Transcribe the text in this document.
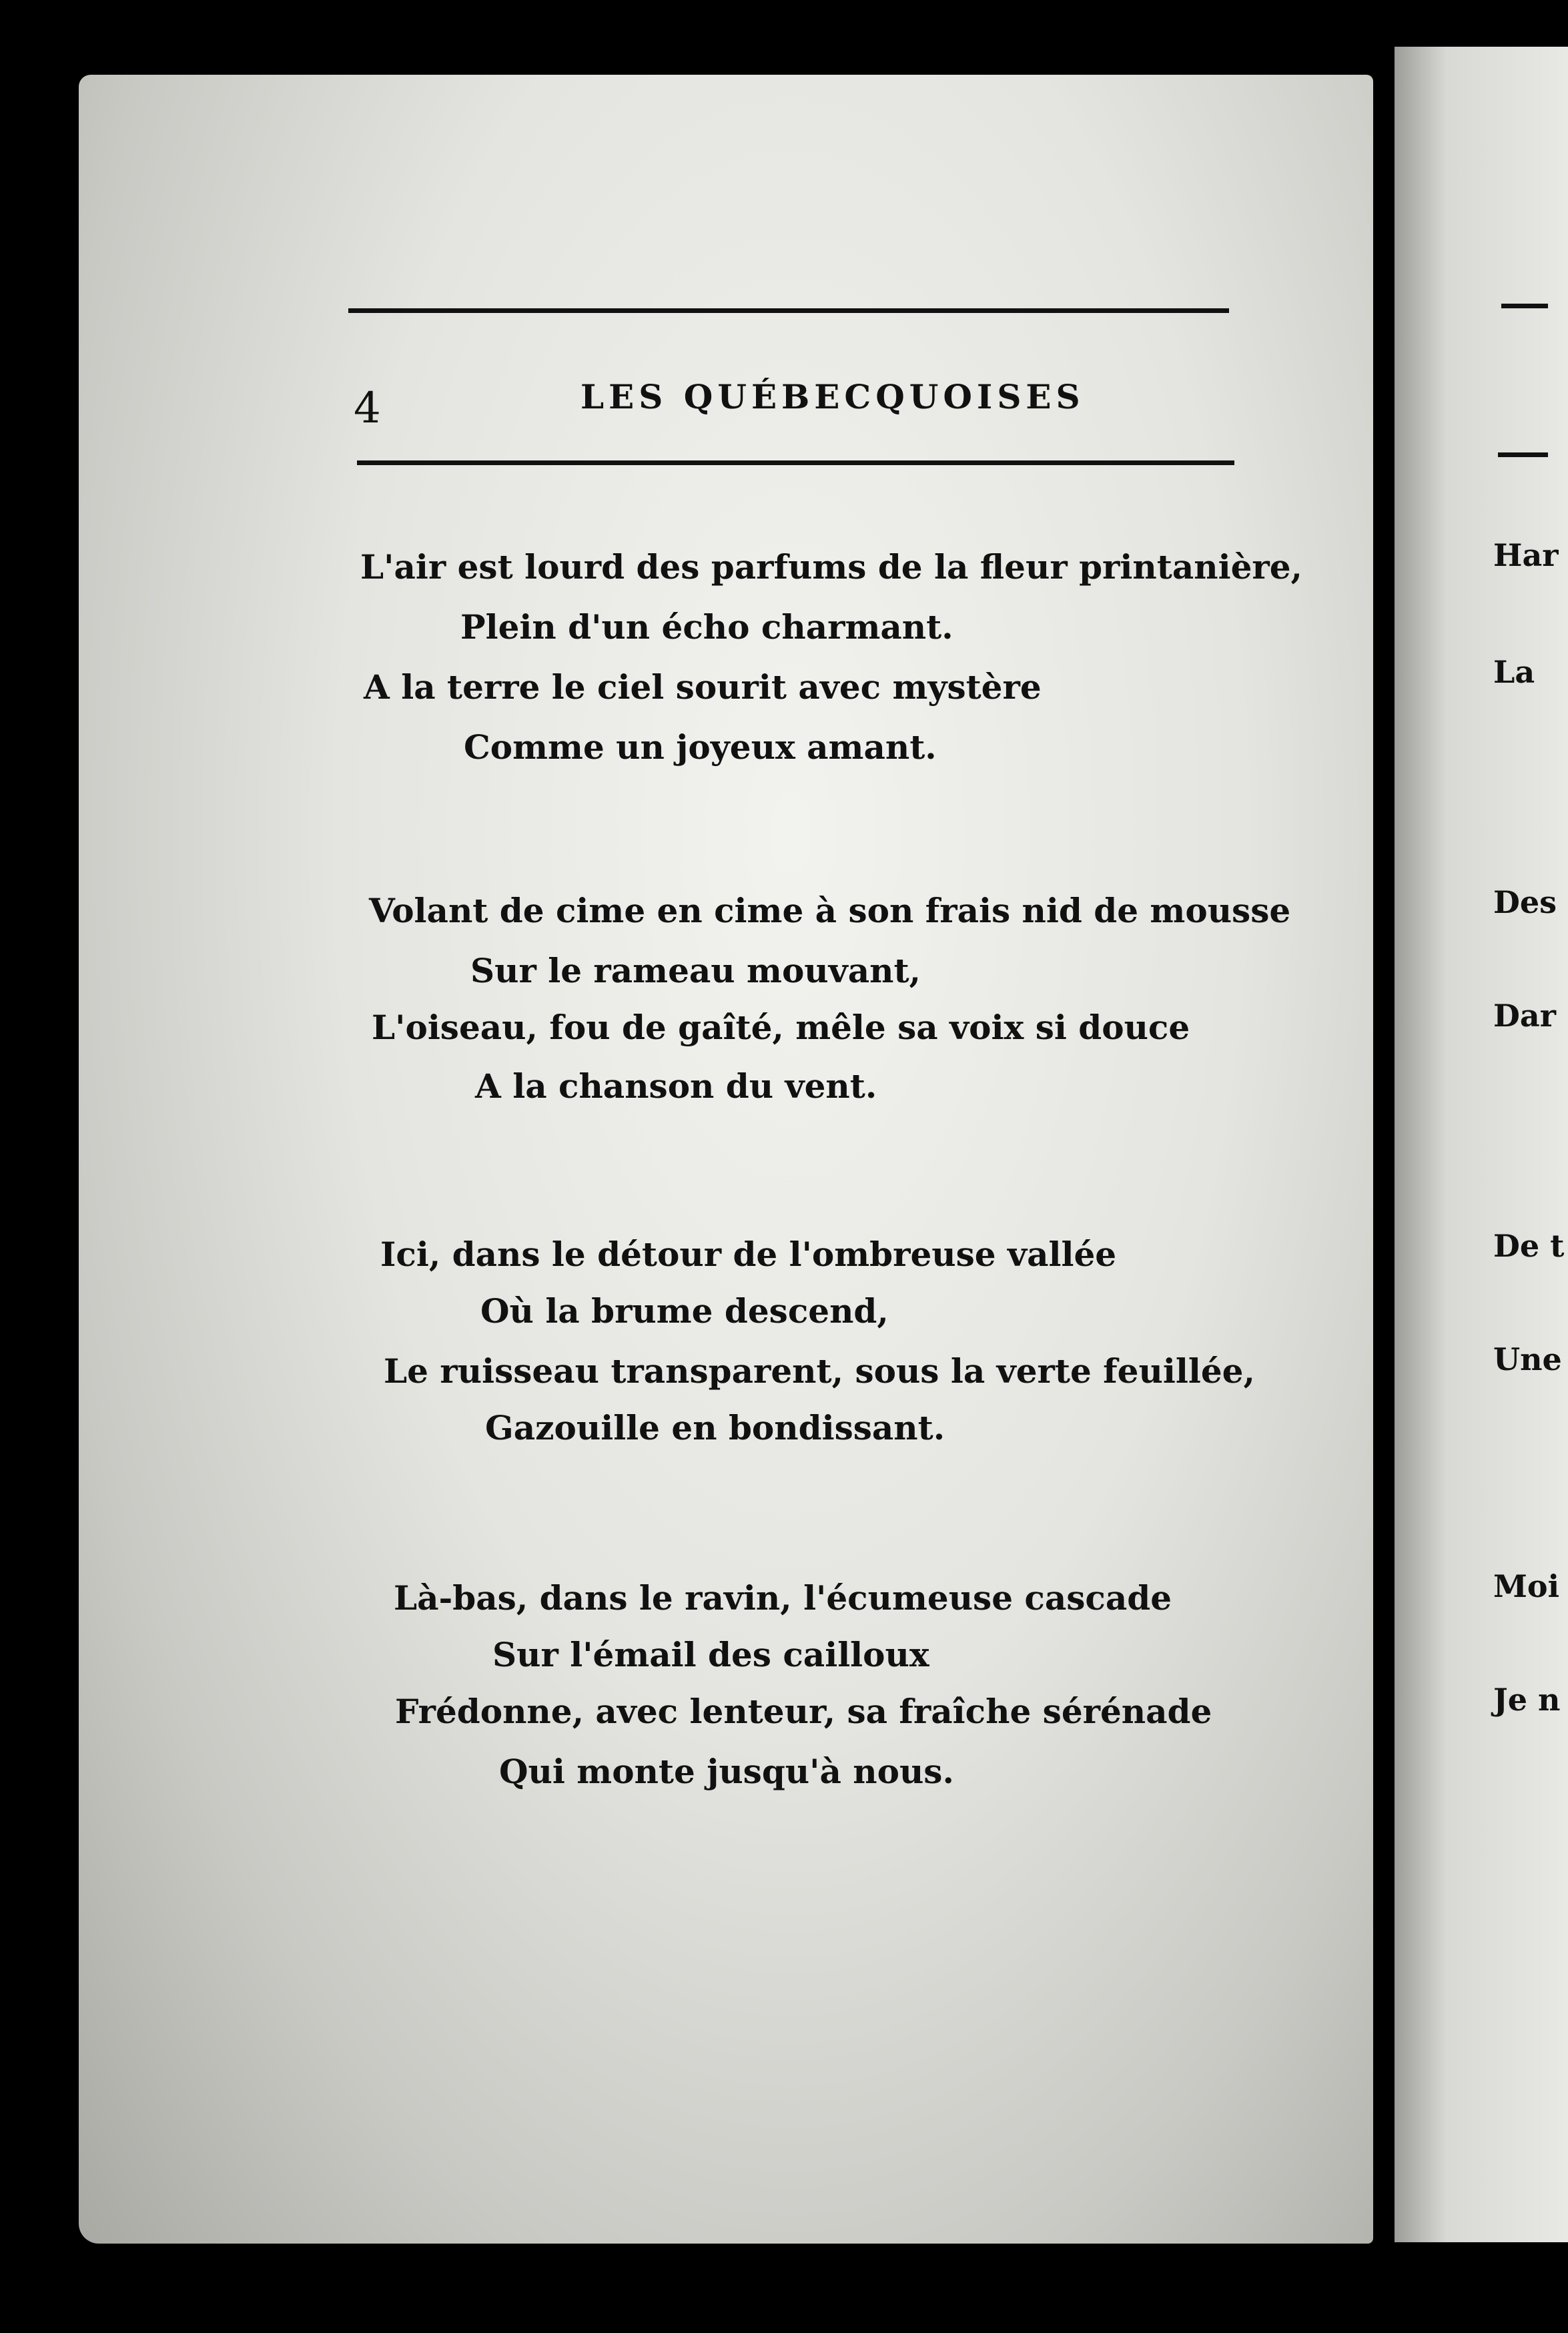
4	LES QUÉBECQUOISES
L'air est lourd des parfums de la fleur printanière,
Plein d'un écho charmant.
A la terre le ciel sourit avec mystère
Comme un joyeux amant.
Volant de cime en cime à son frais nid de mousse
Sur le rameau mouvant,
L'oiseau, fou de gaîté, mêle sa voix si douce
A la chanson du vent.
Ici, dans le détour de l'ombreuse vallée
Où la brume descend,
Le ruisseau transparent, sous la verte feuillée,
Gazouille en bondissant.
Là-bas, dans le ravin, l'écumeuse cascade
Sur l'émail des cailloux
Frédonne, avec lenteur, sa fraîche sérénade
Qui monte jusqu'à nous.
Har
La
Des
Dar
De t
Une
Moi
Je n
